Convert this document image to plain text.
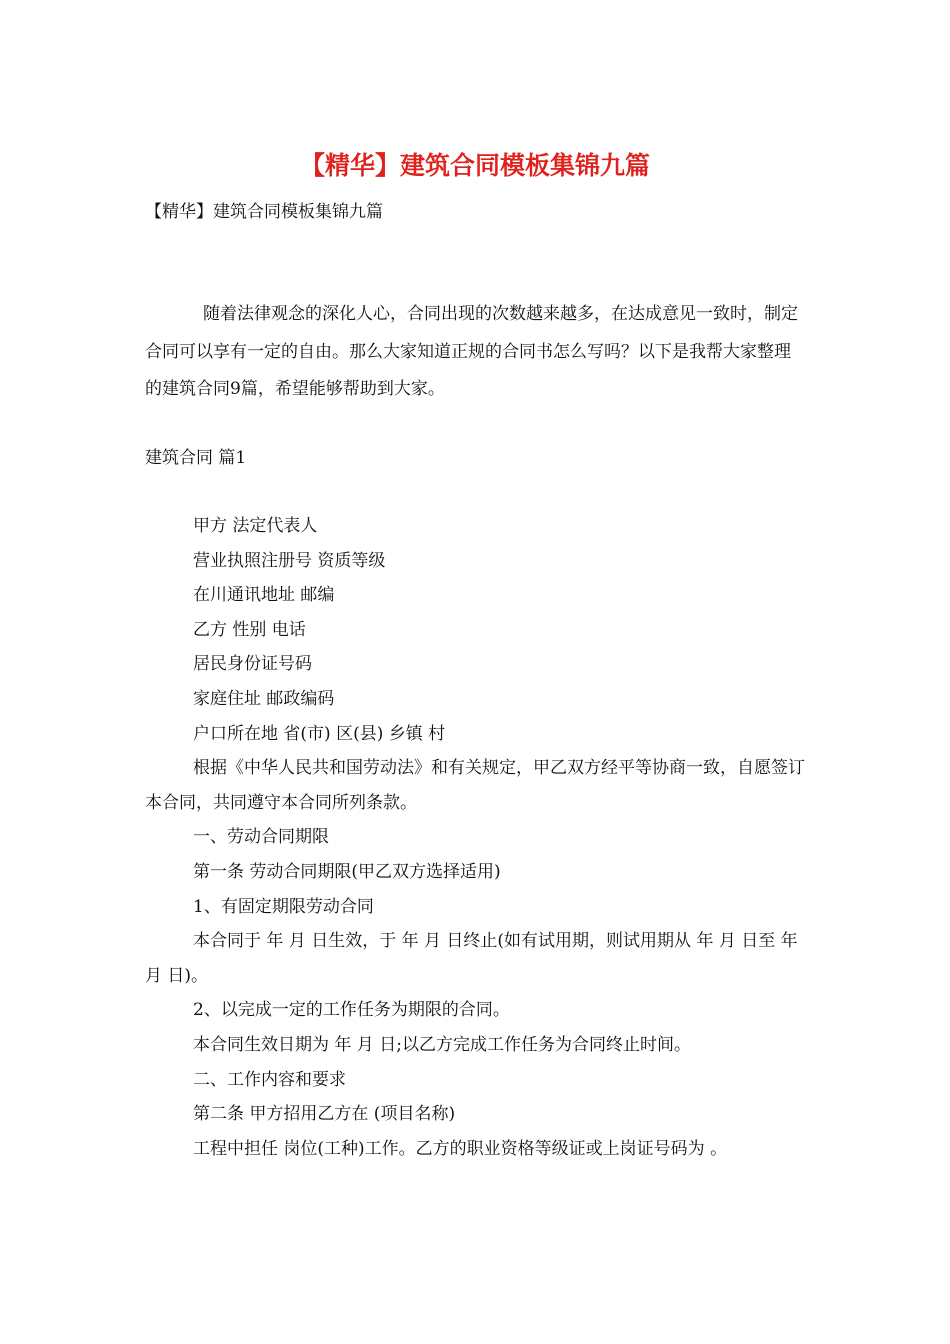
【精华】建筑合同模板集锦九篇
【精华】建筑合同模板集锦九篇

随着法律观念的深化人心，合同出现的次数越来越多，在达成意见一致时，制定合同可以享有一定的自由。那么大家知道正规的合同书怎么写吗？以下是我帮大家整理的建筑合同9篇，希望能够帮助到大家。

建筑合同 篇1

甲方 法定代表人

营业执照注册号 资质等级

在川通讯地址 邮编

乙方 性别 电话

居民身份证号码

家庭住址 邮政编码

户口所在地 省(市) 区(县) 乡镇 村

根据《中华人民共和国劳动法》和有关规定，甲乙双方经平等协商一致，自愿签订本合同，共同遵守本合同所列条款。

一、劳动合同期限

第一条 劳动合同期限(甲乙双方选择适用)

1、有固定期限劳动合同

本合同于 年 月 日生效，于 年 月 日终止(如有试用期，则试用期从 年 月 日至 年 月 日)。

2、以完成一定的工作任务为期限的合同。

本合同生效日期为 年 月 日;以乙方完成工作任务为合同终止时间。

二、工作内容和要求

第二条 甲方招用乙方在 (项目名称)

工程中担任 岗位(工种)工作。乙方的职业资格等级证或上岗证号码为 。
